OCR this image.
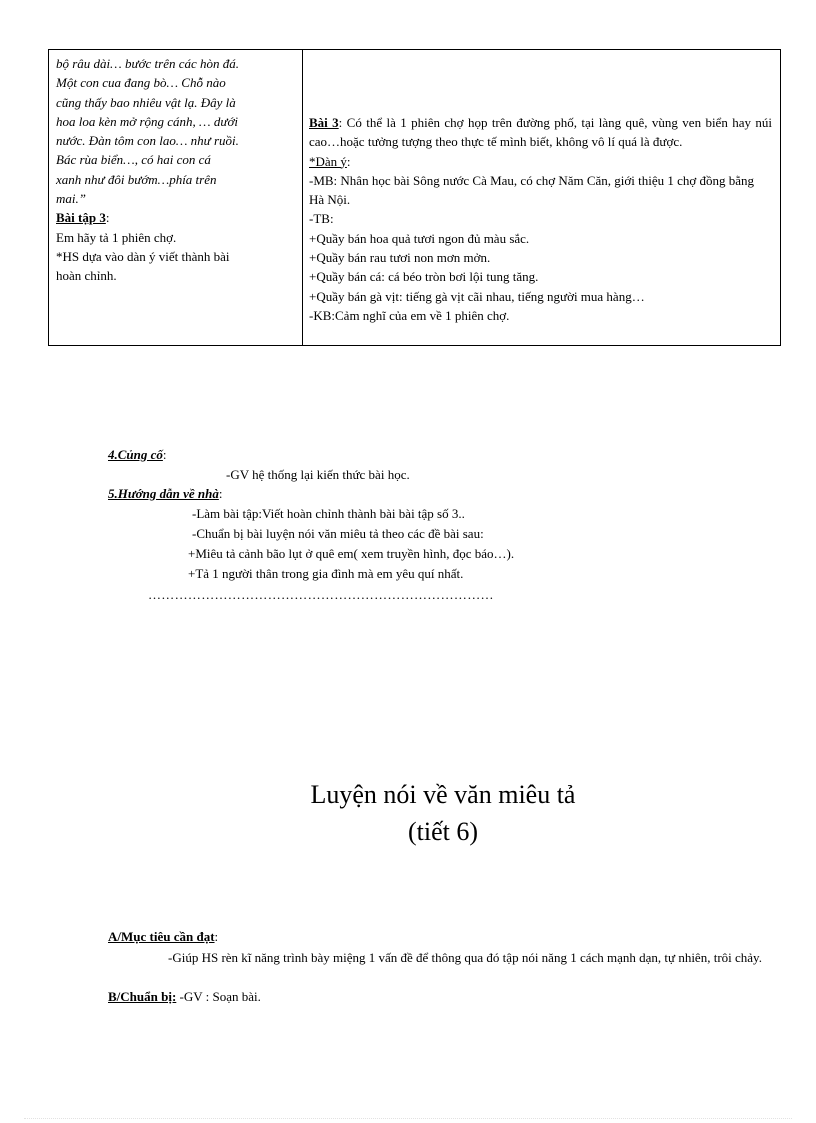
bộ râu dài… bước trên các hòn đá.
Một con cua đang bò… Chỗ nào
cũng thấy bao nhiêu vật lạ. Đây là
hoa loa kèn mở rộng cánh, … dưới
nước. Đàn tôm con lao… như ruồi.
Bác rùa biển…, có hai con cá
xanh như đôi bướm…phía trên
mai.”
Bài tập 3:
Em hãy tả 1 phiên chợ.
*HS dựa vào dàn ý viết thành bài
hoàn chỉnh.

Bài 3: Có thể là 1 phiên chợ họp trên đường phố, tại làng quê, vùng ven biển hay núi cao…hoặc tưởng tượng theo thực tế mình biết, không vô lí quá là được.
*Dàn ý:
-MB: Nhân học bài Sông nước Cà Mau, có chợ Năm Căn, giới thiệu 1 chợ đồng bằng Hà Nội.
-TB:
+Quầy bán hoa quả tươi ngon đủ màu sắc.
+Quầy bán rau tươi non mơn mởn.
+Quầy bán cá: cá béo tròn bơi lội tung tăng.
+Quầy bán gà vịt: tiếng gà vịt cãi nhau, tiếng người mua hàng…
-KB:Cảm nghĩ của em về 1 phiên chợ.
4.Củng cố:
-GV hệ thống lại kiến thức bài học.
5.Hướng dẫn về nhà:
-Làm bài tập:Viết hoàn chỉnh thành bài bài tập số 3..
-Chuẩn bị bài luyện nói văn miêu tả theo các đề bài sau:
+Miêu tả cảnh bão lụt ở quê em( xem truyền hình, đọc báo…).
+Tả 1 người thân trong gia đình mà em yêu quí nhất.
……………………………………………………………………
Luyện nói về văn miêu tả
(tiết 6)
A/Mục tiêu cần đạt:
-Giúp HS rèn kĩ năng trình bày miệng 1 vấn đề để thông qua đó tập nói năng 1 cách mạnh dạn, tự nhiên, trôi chảy.
B/Chuẩn bị: -GV : Soạn bài.
